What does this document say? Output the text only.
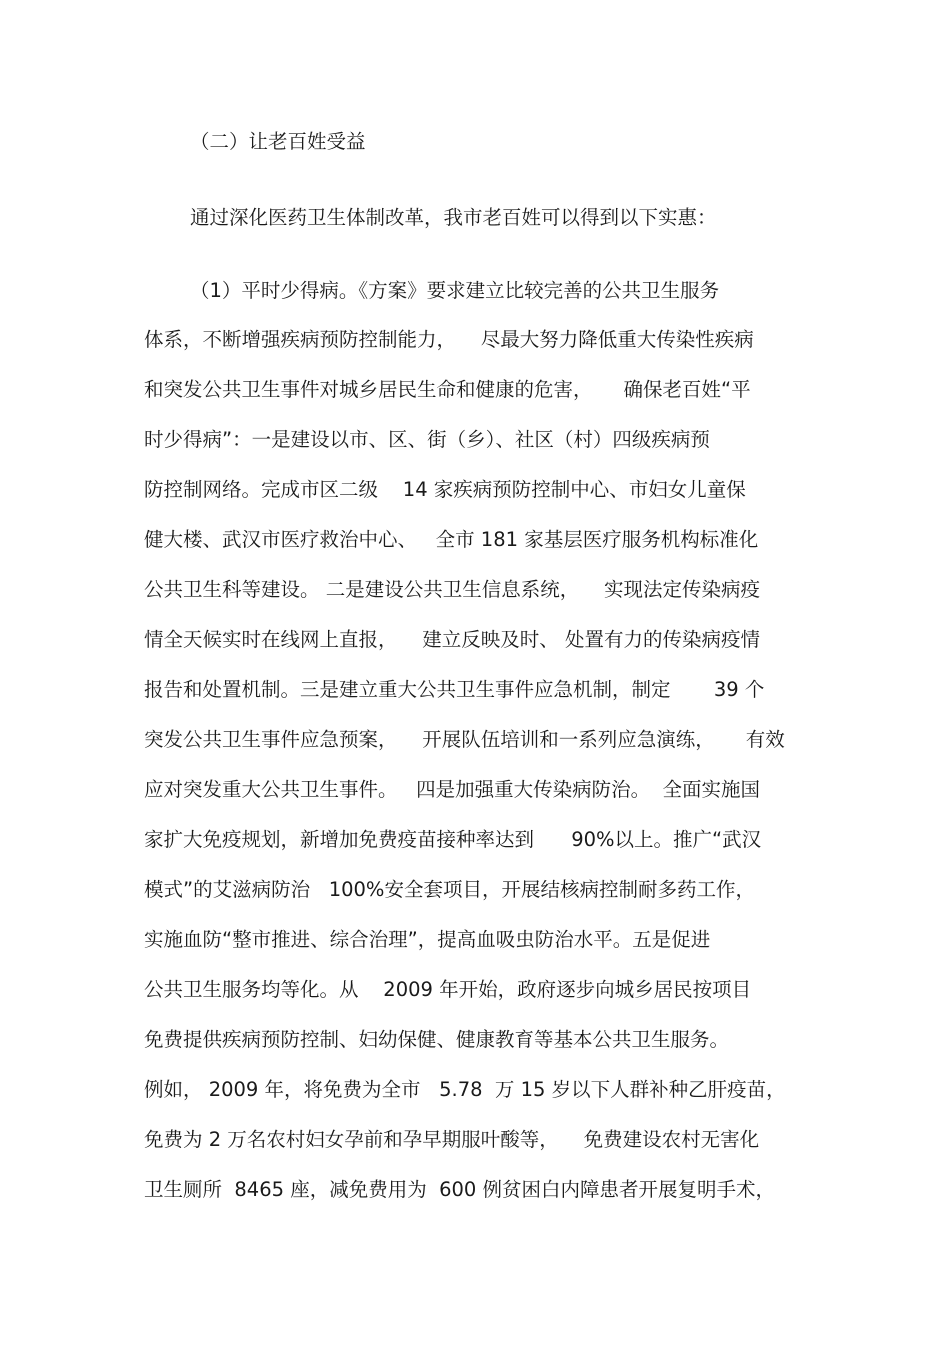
（二）让老百姓受益
通过深化医药卫生体制改革，我市老百姓可以得到以下实惠：
（1）平时少得病。《方案》要求建立比较完善的公共卫生服务
体系，不断增强疾病预防控制能力，    尽最大努力降低重大传染性疾病
和突发公共卫生事件对城乡居民生命和健康的危害，     确保老百姓“平
时少得病”：一是建设以市、区、街（乡）、社区（村）四级疾病预
防控制网络。完成市区二级    14 家疾病预防控制中心、市妇女儿童保
健大楼、武汉市医疗救治中心、   全市 181 家基层医疗服务机构标准化
公共卫生科等建设。 二是建设公共卫生信息系统，    实现法定传染病疫
情全天候实时在线网上直报，    建立反映及时、 处置有力的传染病疫情
报告和处置机制。三是建立重大公共卫生事件应急机制，制定       39 个
突发公共卫生事件应急预案，    开展队伍培训和一系列应急演练，     有效
应对突发重大公共卫生事件。   四是加强重大传染病防治。  全面实施国
家扩大免疫规划，新增加免费疫苗接种率达到      90%以上。推广“武汉
模式”的艾滋病防治   100%安全套项目，开展结核病控制耐多药工作，
实施血防“整市推进、综合治理”，提高血吸虫防治水平。五是促进
公共卫生服务均等化。从    2009 年开始，政府逐步向城乡居民按项目
免费提供疾病预防控制、妇幼保健、健康教育等基本公共卫生服务。
例如， 2009 年，将免费为全市   5.78  万 15 岁以下人群补种乙肝疫苗，
免费为 2 万名农村妇女孕前和孕早期服叶酸等，    免费建设农村无害化
卫生厕所  8465 座，减免费用为  600 例贫困白内障患者开展复明手术，
